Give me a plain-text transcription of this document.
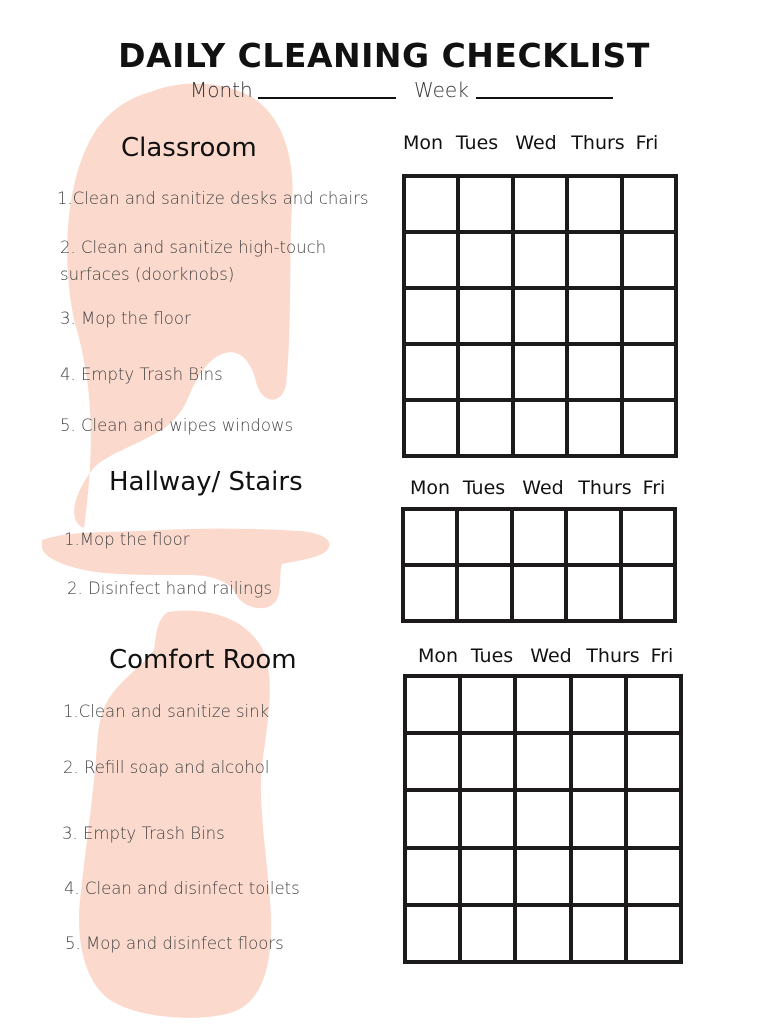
DAILY CLEANING CHECKLIST
Month	Week
Classroom
1.Clean and sanitize desks and chairs
2. Clean and sanitize high-touch surfaces (doorknobs)
3. Mop the floor
4. Empty Trash Bins
5. Clean and wipes windows
Mon Tues Wed Thurs Fri
Hallway/ Stairs
1.Mop the floor
2. Disinfect hand railings
Mon Tues Wed Thurs Fri
Comfort Room
1.Clean and sanitize sink
2. Refill soap and alcohol
3. Empty Trash Bins
4. Clean and disinfect toilets
5. Mop and disinfect floors
Mon Tues Wed Thurs Fri
